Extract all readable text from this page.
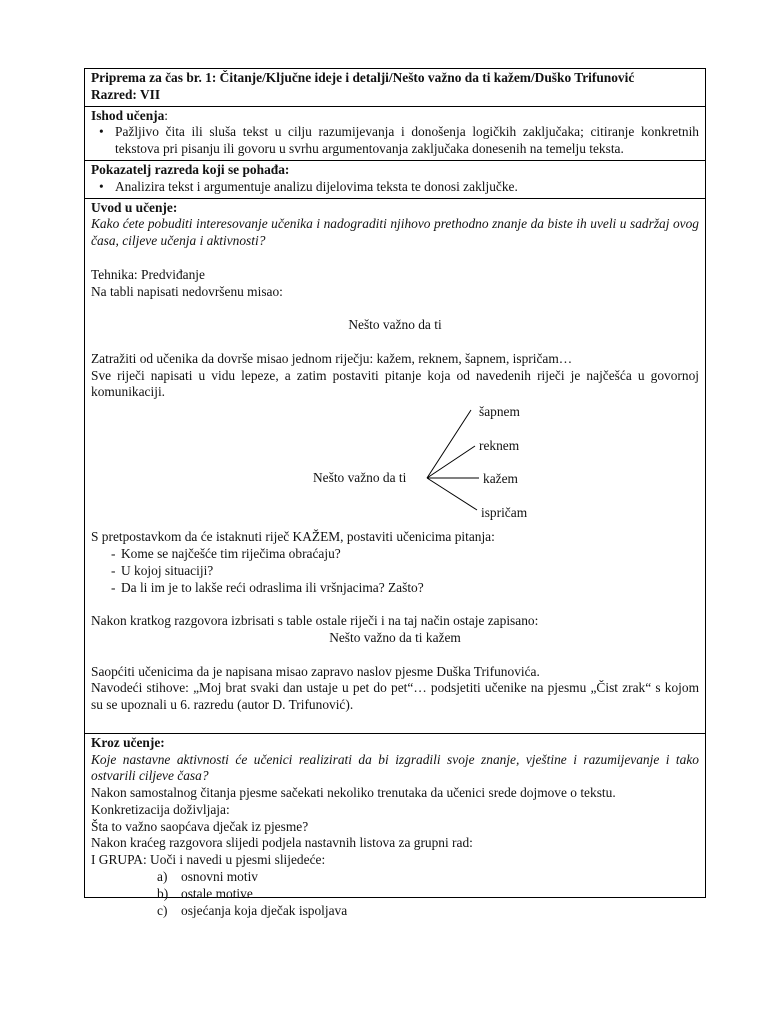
Priprema za čas br. 1: Čitanje/Ključne ideje i detalji/Nešto važno da ti kažem/Duško Trifunović
Razred: VII
Ishod učenja:
• Pažljivo čita ili sluša tekst u cilju razumijevanja i donošenja logičkih zaključaka; citiranje konkretnih tekstova pri pisanju ili govoru u svrhu argumentovanja zaključaka donesenih na temelju teksta.
Pokazatelj razreda koji se pohađa:
• Analizira tekst i argumentuje analizu dijelovima teksta te donosi zaključke.
Uvod u učenje:
Kako ćete pobuditi interesovanje učenika i nadograditi njihovo prethodno znanje da biste ih uveli u sadržaj ovog časa, ciljeve učenja i aktivnosti?
Tehnika: Predviđanje
Na tabli napisati nedovršenu misao:
Nešto važno da ti
Zatražiti od učenika da dovrše misao jednom riječju: kažem, reknem, šapnem, ispričam…
Sve riječi napisati u vidu lepeze, a zatim postaviti pitanje koja od navedenih riječi je najčešća u govornoj komunikaciji.
Nešto važno da ti
šapnem
reknem
kažem
ispričam
S pretpostavkom da će istaknuti riječ KAŽEM, postaviti učenicima pitanja:
- Kome se najčešće tim riječima obraćaju?
- U kojoj situaciji?
- Da li im je to lakše reći odraslima ili vršnjacima? Zašto?
Nakon kratkog razgovora izbrisati s table ostale riječi i na taj način ostaje zapisano:
Nešto važno da ti kažem
Saopćiti učenicima da je napisana misao zapravo naslov pjesme Duška Trifunovića.
Navodeći stihove: „Moj brat svaki dan ustaje u pet do pet“… podsjetiti učenike na pjesmu „Čist zrak“ s kojom su se upoznali u 6. razredu (autor D. Trifunović).
Kroz učenje:
Koje nastavne aktivnosti će učenici realizirati da bi izgradili svoje znanje, vještine i razumijevanje i tako ostvarili ciljeve časa?
Nakon samostalnog čitanja pjesme sačekati nekoliko trenutaka da učenici srede dojmove o tekstu.
Konkretizacija doživljaja:
Šta to važno saopćava dječak iz pjesme?
Nakon kraćeg razgovora slijedi podjela nastavnih listova za grupni rad:
I GRUPA: Uoči i navedi u pjesmi slijedeće:
a) osnovni motiv
b) ostale motive
c) osjećanja koja dječak ispoljava
